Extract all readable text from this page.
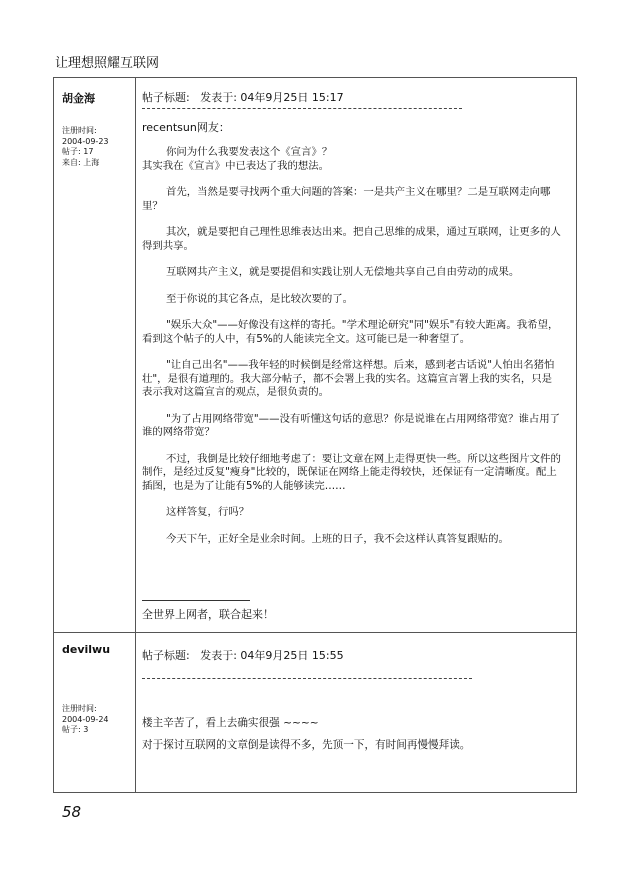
让理想照耀互联网
胡金海
注册时间:
2004-09-23
帖子: 17
来自: 上海
帖子标题:   发表于: 04年9月25日 15:17
recentsun网友：

你问为什么我要发表这个《宣言》？
其实我在《宣言》中已表达了我的想法。

首先，当然是要寻找两个重大问题的答案：一是共产主义在哪里？二是互联网走向哪里？

其次，就是要把自己理性思维表达出来。把自己思维的成果，通过互联网，让更多的人得到共享。

互联网共产主义，就是要提倡和实践让别人无偿地共享自己自由劳动的成果。

至于你说的其它各点，是比较次要的了。

"娱乐大众"——好像没有这样的寄托。"学术理论研究"同"娱乐"有较大距离。我希望，看到这个帖子的人中，有5%的人能读完全文。这可能已是一种奢望了。

"让自己出名"——我年轻的时候倒是经常这样想。后来，感到老古话说"人怕出名猪怕壮"，是很有道理的。我大部分帖子，都不会署上我的实名。这篇宣言署上我的实名，只是表示我对这篇宣言的观点，是很负责的。

"为了占用网络带宽"——没有听懂这句话的意思？你是说谁在占用网络带宽？谁占用了谁的网络带宽？

不过，我倒是比较仔细地考虑了：要让文章在网上走得更快一些。所以这些图片文件的制作，是经过反复"瘦身"比较的，既保证在网络上能走得较快，还保证有一定清晰度。配上插图，也是为了让能有5%的人能够读完……

这样答复，行吗？

今天下午，正好全是业余时间。上班的日子，我不会这样认真答复跟贴的。

全世界上网者，联合起来！
devilwu
注册时间:
2004-09-24
帖子: 3
帖子标题:   发表于: 04年9月25日 15:55
楼主辛苦了，看上去确实很强 ~~~~
对于探讨互联网的文章倒是读得不多，先顶一下，有时间再慢慢拜读。
58
